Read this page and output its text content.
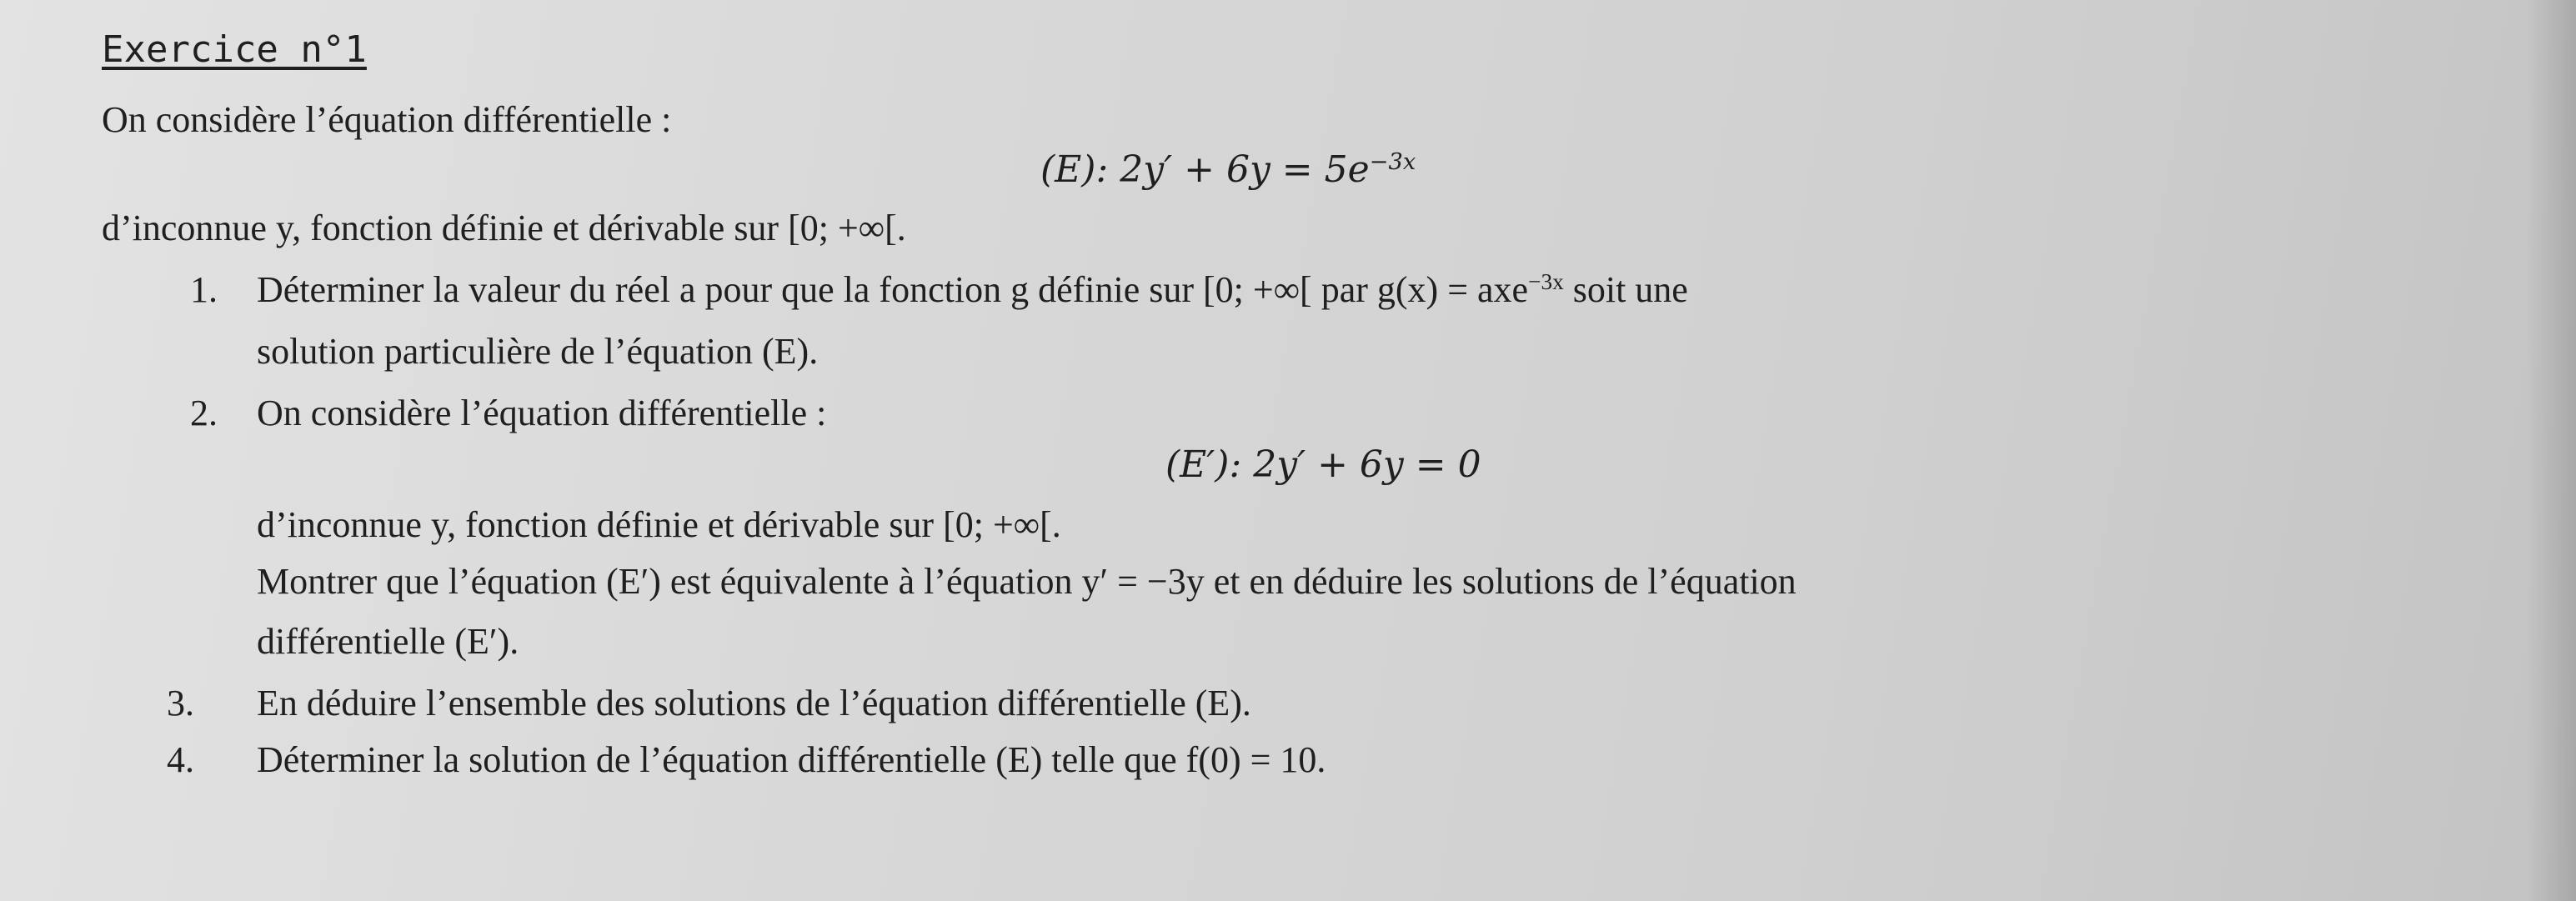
Exercice n°1
On considère l’équation différentielle :
(E): $2y' + 6y = 5e^{-3x}$
d’inconnue y, fonction définie et dérivable sur [0; +∞[.
1. Déterminer la valeur du réel a pour que la fonction g définie sur [0; +∞[ par g(x) = axe$^{-3x}$ soit une
solution particulière de l’équation (E).
2. On considère l’équation différentielle :
(E′): 2y′ + 6y = 0
d’inconnue y, fonction définie et dérivable sur [0; +∞[.
Montrer que l’équation (E′) est équivalente à l’équation y′ = −3y et en déduire les solutions de l’équation
différentielle (E′).
3. En déduire l’ensemble des solutions de l’équation différentielle (E).
4. Déterminer la solution de l’équation différentielle (E) telle que f(0) = 10.
